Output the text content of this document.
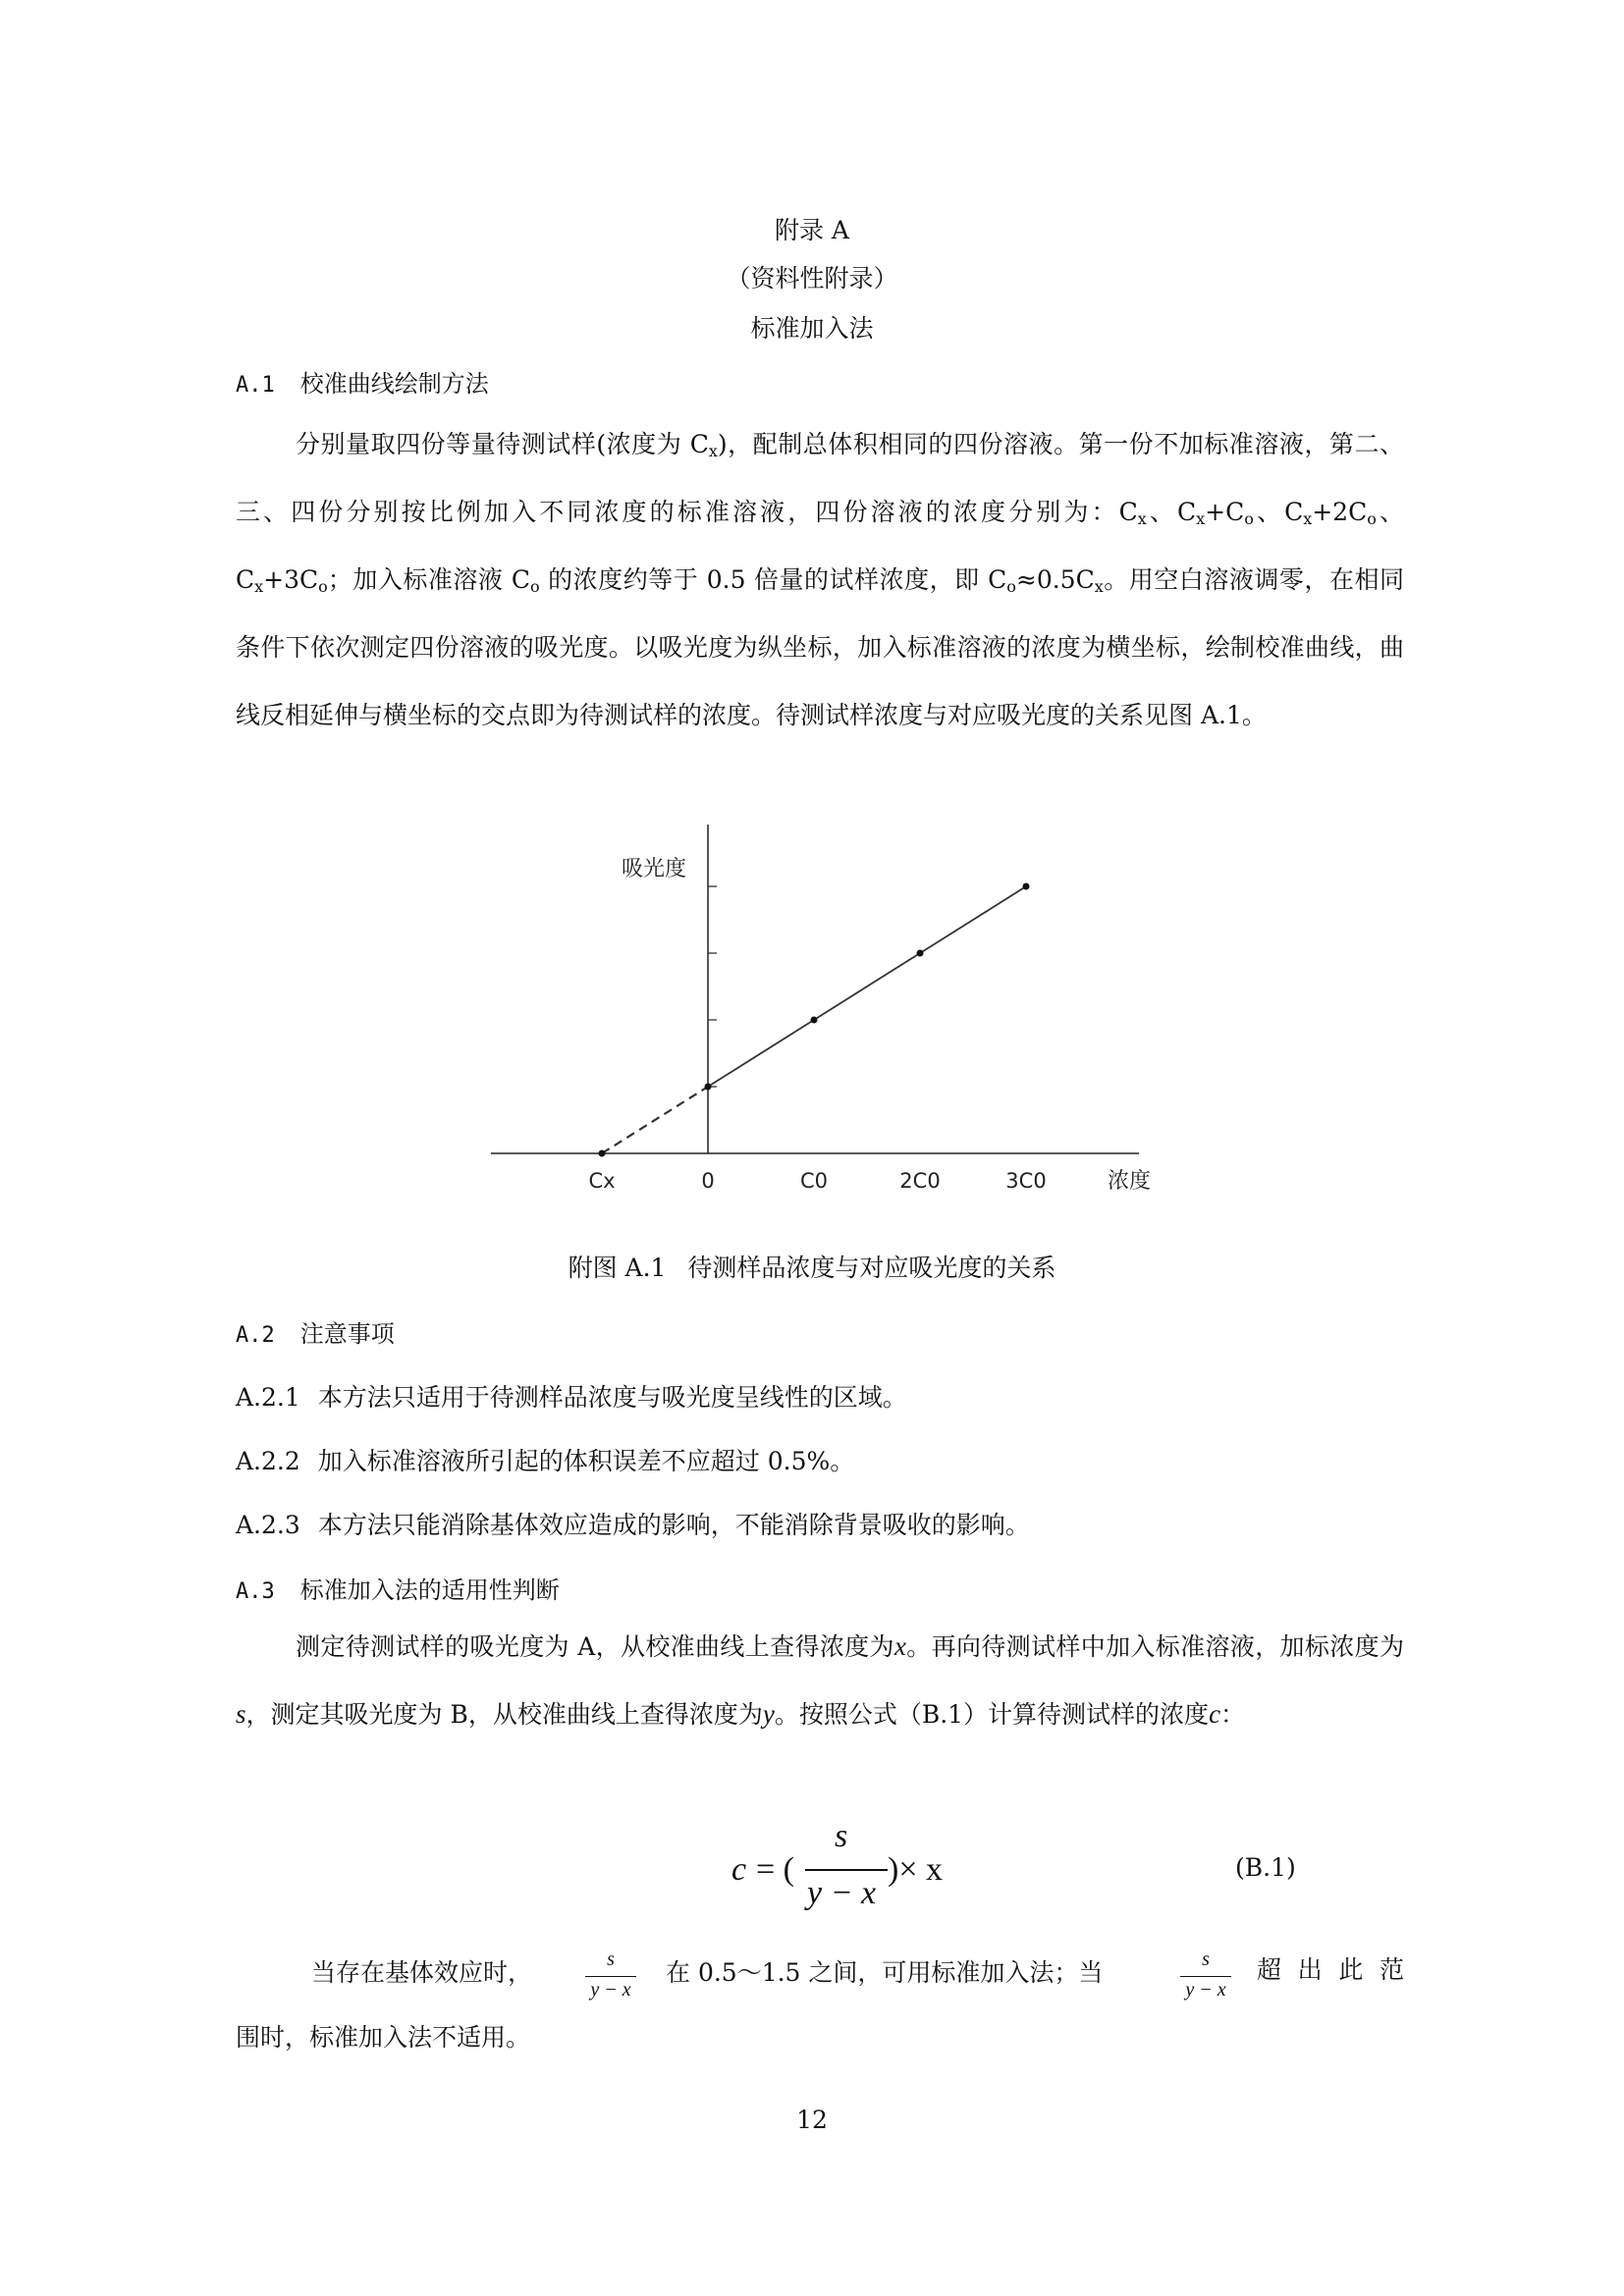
附录 A
（资料性附录）
标准加入法
A.1 校准曲线绘制方法
分别量取四份等量待测试样(浓度为 $C_x$)，配制总体积相同的四份溶液。第一份不加标准溶液，第二、三、四份分别按比例加入不同浓度的标准溶液，四份溶液的浓度分别为：$C_x$、$C_x+C_o$、$C_x+2C_o$、$C_x+3C_o$；加入标准溶液 $C_o$ 的浓度约等于 0.5 倍量的试样浓度，即 $C_o\approx 0.5C_x$。用空白溶液调零，在相同条件下依次测定四份溶液的吸光度。以吸光度为纵坐标，加入标准溶液的浓度为横坐标，绘制校准曲线，曲线反相延伸与横坐标的交点即为待测试样的浓度。待测试样浓度与对应吸光度的关系见图 A.1。
Cx	0	C0	2C0	3C0	浓度
吸光度
附图 A.1 待测样品浓度与对应吸光度的关系
A.2 注意事项
A.2.1 本方法只适用于待测样品浓度与吸光度呈线性的区域。
A.2.2 加入标准溶液所引起的体积误差不应超过 0.5%。
A.2.3 本方法只能消除基体效应造成的影响，不能消除背景吸收的影响。
A.3 标准加入法的适用性判断
测定待测试样的吸光度为 A，从校准曲线上查得浓度为x。再向待测试样中加入标准溶液，加标浓度为s，测定其吸光度为 B，从校准曲线上查得浓度为y。按照公式（B.1）计算待测试样的浓度c：
c = (
s
y − x
)× x	(B.1)
当存在基体效应时，	s
y − x
在 0.5～1.5 之间，可用标准加入法；当	s
y − x
超出此范
围时，标准加入法不适用。
12
